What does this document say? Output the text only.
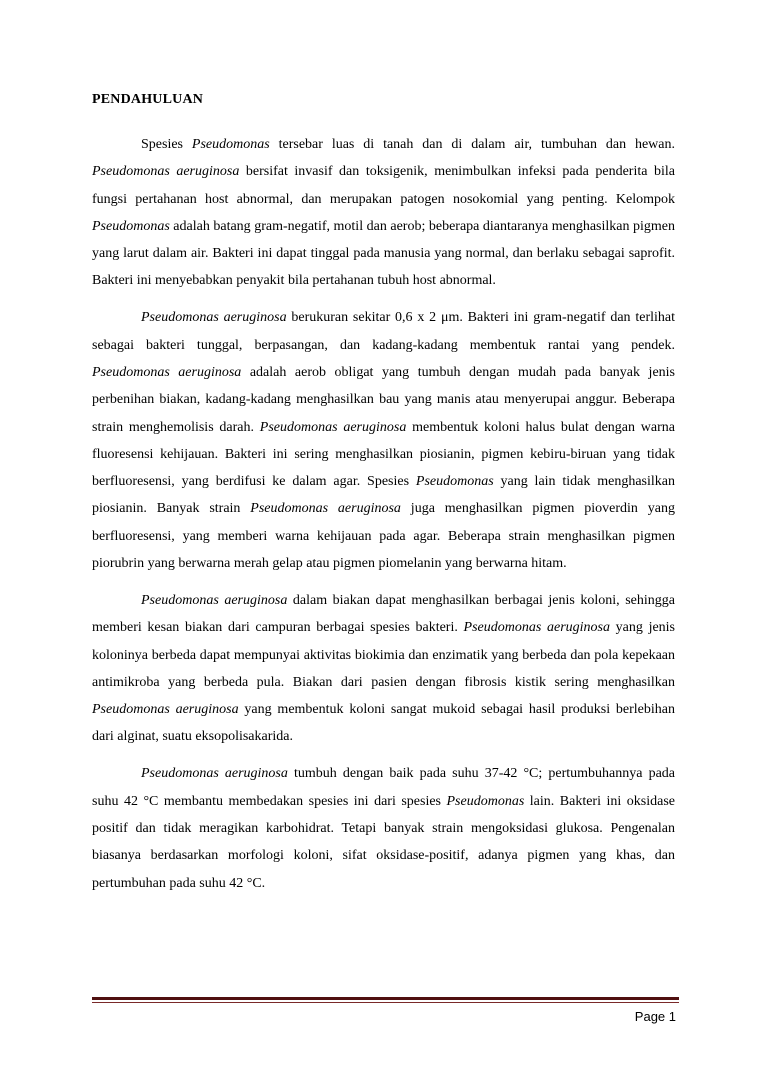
PENDAHULUAN

Spesies Pseudomonas tersebar luas di tanah dan di dalam air, tumbuhan dan hewan. Pseudomonas aeruginosa bersifat invasif dan toksigenik, menimbulkan infeksi pada penderita bila fungsi pertahanan host abnormal, dan merupakan patogen nosokomial yang penting. Kelompok Pseudomonas adalah batang gram-negatif, motil dan aerob; beberapa diantaranya menghasilkan pigmen yang larut dalam air. Bakteri ini dapat tinggal pada manusia yang normal, dan berlaku sebagai saprofit. Bakteri ini menyebabkan penyakit bila pertahanan tubuh host abnormal.

Pseudomonas aeruginosa berukuran sekitar 0,6 x 2 μm. Bakteri ini gram-negatif dan terlihat sebagai bakteri tunggal, berpasangan, dan kadang-kadang membentuk rantai yang pendek. Pseudomonas aeruginosa adalah aerob obligat yang tumbuh dengan mudah pada banyak jenis perbenihan biakan, kadang-kadang menghasilkan bau yang manis atau menyerupai anggur. Beberapa strain menghemolisis darah. Pseudomonas aeruginosa membentuk koloni halus bulat dengan warna fluoresensi kehijauan. Bakteri ini sering menghasilkan piosianin, pigmen kebiru-biruan yang tidak berfluoresensi, yang berdifusi ke dalam agar. Spesies Pseudomonas yang lain tidak menghasilkan piosianin. Banyak strain Pseudomonas aeruginosa juga menghasilkan pigmen pioverdin yang berfluoresensi, yang memberi warna kehijauan pada agar. Beberapa strain menghasilkan pigmen piorubrin yang berwarna merah gelap atau pigmen piomelanin yang berwarna hitam.

Pseudomonas aeruginosa dalam biakan dapat menghasilkan berbagai jenis koloni, sehingga memberi kesan biakan dari campuran berbagai spesies bakteri. Pseudomonas aeruginosa yang jenis koloninya berbeda dapat mempunyai aktivitas biokimia dan enzimatik yang berbeda dan pola kepekaan antimikroba yang berbeda pula. Biakan dari pasien dengan fibrosis kistik sering menghasilkan Pseudomonas aeruginosa yang membentuk koloni sangat mukoid sebagai hasil produksi berlebihan dari alginat, suatu eksopolisakarida.

Pseudomonas aeruginosa tumbuh dengan baik pada suhu 37-42 °C; pertumbuhannya pada suhu 42 °C membantu membedakan spesies ini dari spesies Pseudomonas lain. Bakteri ini oksidase positif dan tidak meragikan karbohidrat. Tetapi banyak strain mengoksidasi glukosa. Pengenalan biasanya berdasarkan morfologi koloni, sifat oksidase-positif, adanya pigmen yang khas, dan pertumbuhan pada suhu 42 °C.

Page 1
